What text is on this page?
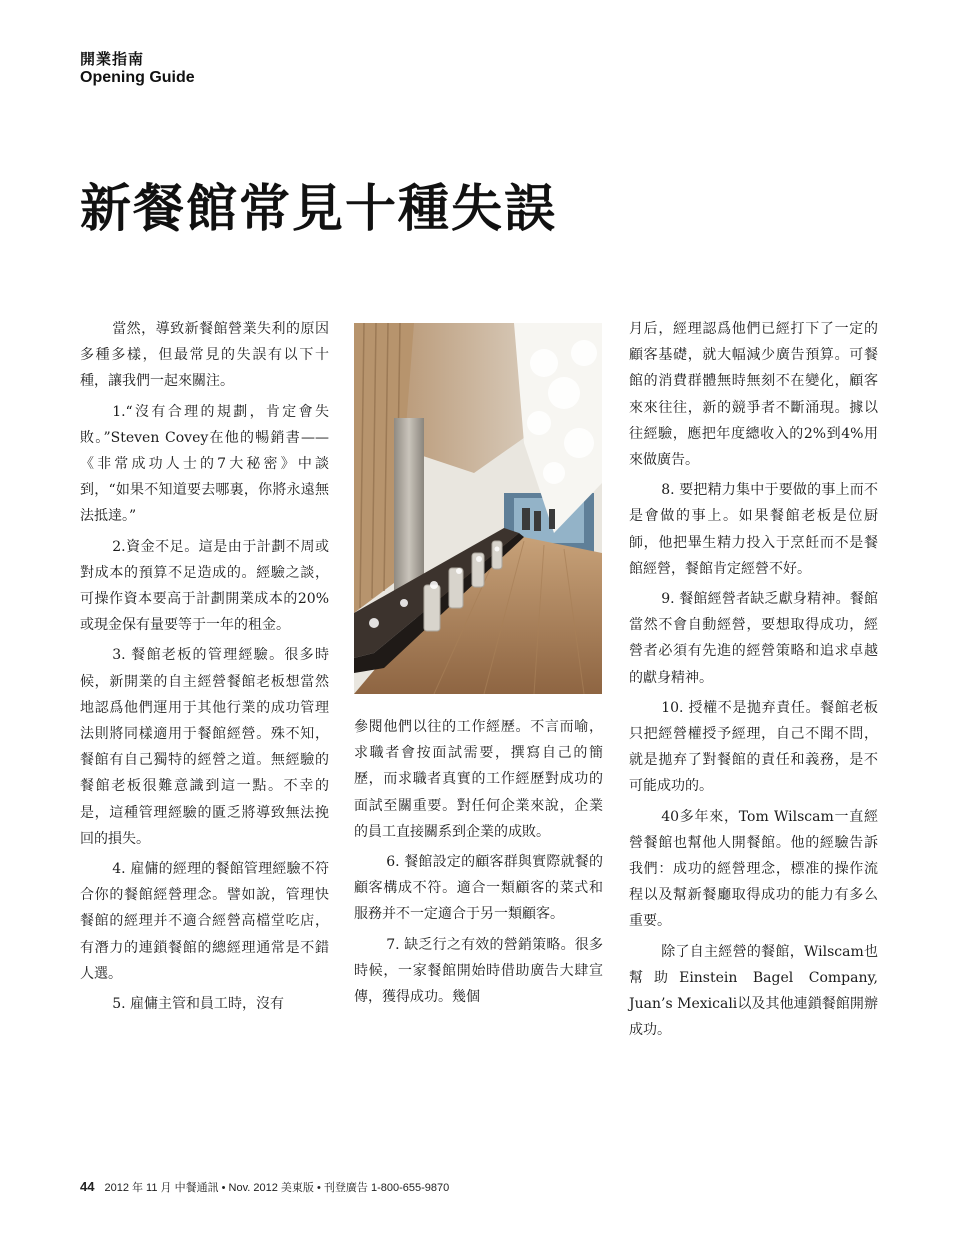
開業指南
Opening Guide
新餐館常見十種失誤

當然，導致新餐館營業失利的原因多種多樣，但最常見的失誤有以下十種，讓我們一起來關注。

1.“沒有合理的規劃，肯定會失敗。”Steven Covey在他的暢銷書——《非常成功人士的7大秘密》中談到，“如果不知道要去哪裏，你將永遠無法抵達。”

2.資金不足。這是由于計劃不周或對成本的預算不足造成的。經驗之談，可操作資本要高于計劃開業成本的20%或現金保有量要等于一年的租金。

3. 餐館老板的管理經驗。很多時候，新開業的自主經營餐館老板想當然地認爲他們運用于其他行業的成功管理法則將同樣適用于餐館經營。殊不知，餐館有自己獨特的經營之道。無經驗的餐館老板很難意識到這一點。不幸的是，這種管理經驗的匱乏將導致無法挽回的損失。

4. 雇傭的經理的餐館管理經驗不符合你的餐館經營理念。譬如說，管理快餐館的經理并不適合經營高檔堂吃店，有潛力的連鎖餐館的總經理通常是不錯人選。

5. 雇傭主管和員工時，沒有

參閱他們以往的工作經歷。不言而喻，求職者會按面試需要，撰寫自己的簡歷，而求職者真實的工作經歷對成功的面試至關重要。對任何企業來說，企業的員工直接關系到企業的成敗。

6. 餐館設定的顧客群與實際就餐的顧客構成不符。適合一類顧客的菜式和服務并不一定適合于另一類顧客。

7. 缺乏行之有效的營銷策略。很多時候，一家餐館開始時借助廣告大肆宣傳，獲得成功。幾個

月后，經理認爲他們已經打下了一定的顧客基礎，就大幅減少廣告預算。可餐館的消費群體無時無刻不在變化，顧客來來往往，新的競爭者不斷涌現。據以往經驗，應把年度總收入的2%到4%用來做廣告。

8. 要把精力集中于要做的事上而不是會做的事上。如果餐館老板是位厨師，他把畢生精力投入于烹飪而不是餐館經營，餐館肯定經營不好。

9. 餐館經營者缺乏獻身精神。餐館當然不會自動經營，要想取得成功，經營者必須有先進的經營策略和追求卓越的獻身精神。

10. 授權不是拋弃責任。餐館老板只把經營權授予經理，自己不聞不問，就是拋弃了對餐館的責任和義務，是不可能成功的。

40多年來，Tom Wilscam一直經營餐館也幫他人開餐館。他的經驗告訴我們：成功的經營理念，標准的操作流程以及幫新餐廳取得成功的能力有多么重要。

除了自主經營的餐館，Wilscam也幫助Einstein Bagel Company, Juan’s Mexicali以及其他連鎖餐館開辦成功。

44 2012 年 11 月 中餐通訊 • Nov. 2012 美東版 • 刊登廣告 1-800-655-9870
